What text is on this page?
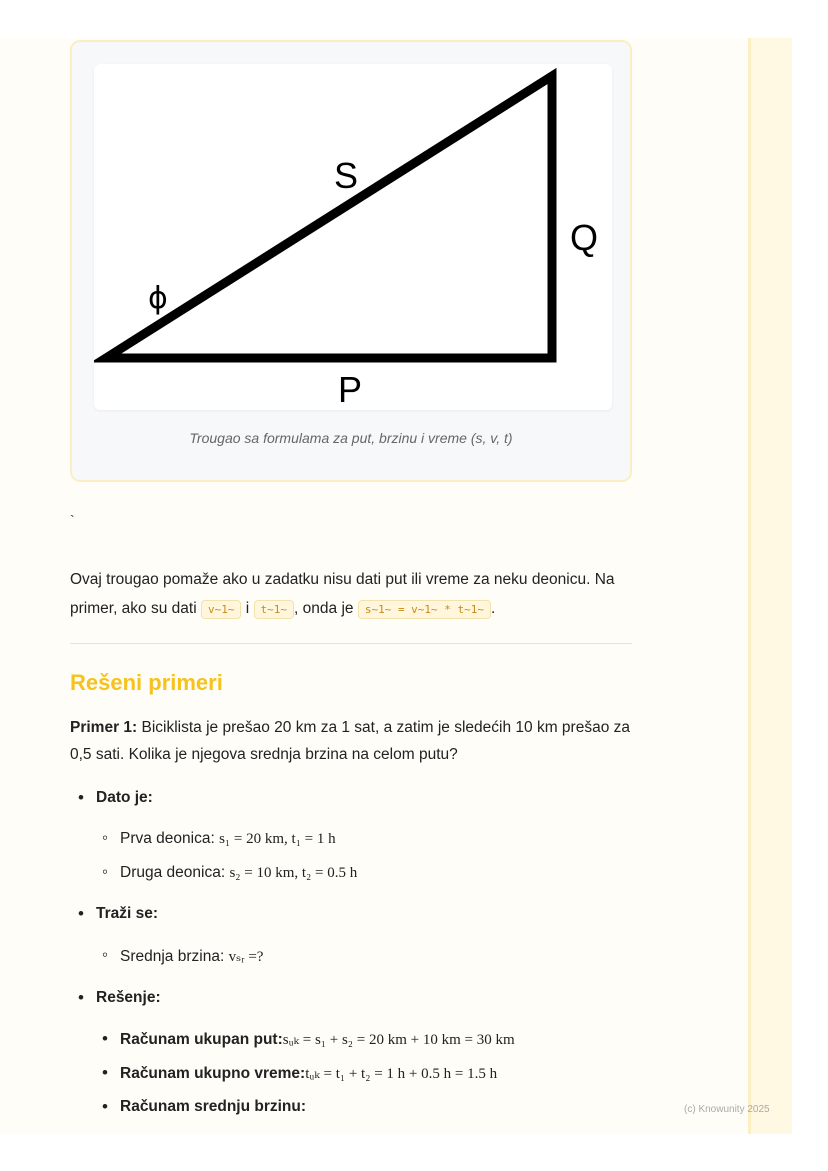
S
Q
P
ϕ
Trougao sa formulama za put, brzinu i vreme (s, v, t)
`
Ovaj trougao pomaže ako u zadatku nisu dati put ili vreme za neku deonicu. Na primer, ako su dati v~1~ i t~1~ , onda je s~1~ = v~1~ * t~1~ .
Rešeni primeri
Primer 1: Biciklista je prešao 20 km za 1 sat, a zatim je sledećih 10 km prešao za 0,5 sati. Kolika je njegova srednja brzina na celom putu?
• Dato je:
◦ Prva deonica: s₁ = 20 km, t₁ = 1 h
◦ Druga deonica: s₂ = 10 km, t₂ = 0.5 h
• Traži se:
◦ Srednja brzina: vₛᵣ =?
• Rešenje:
• Računam ukupan put:sᵤₖ = s₁ + s₂ = 20 km + 10 km = 30 km
• Računam ukupno vreme:tᵤₖ = t₁ + t₂ = 1 h + 0.5 h = 1.5 h
• Računam srednju brzinu:	(c) Knowunity 2025
